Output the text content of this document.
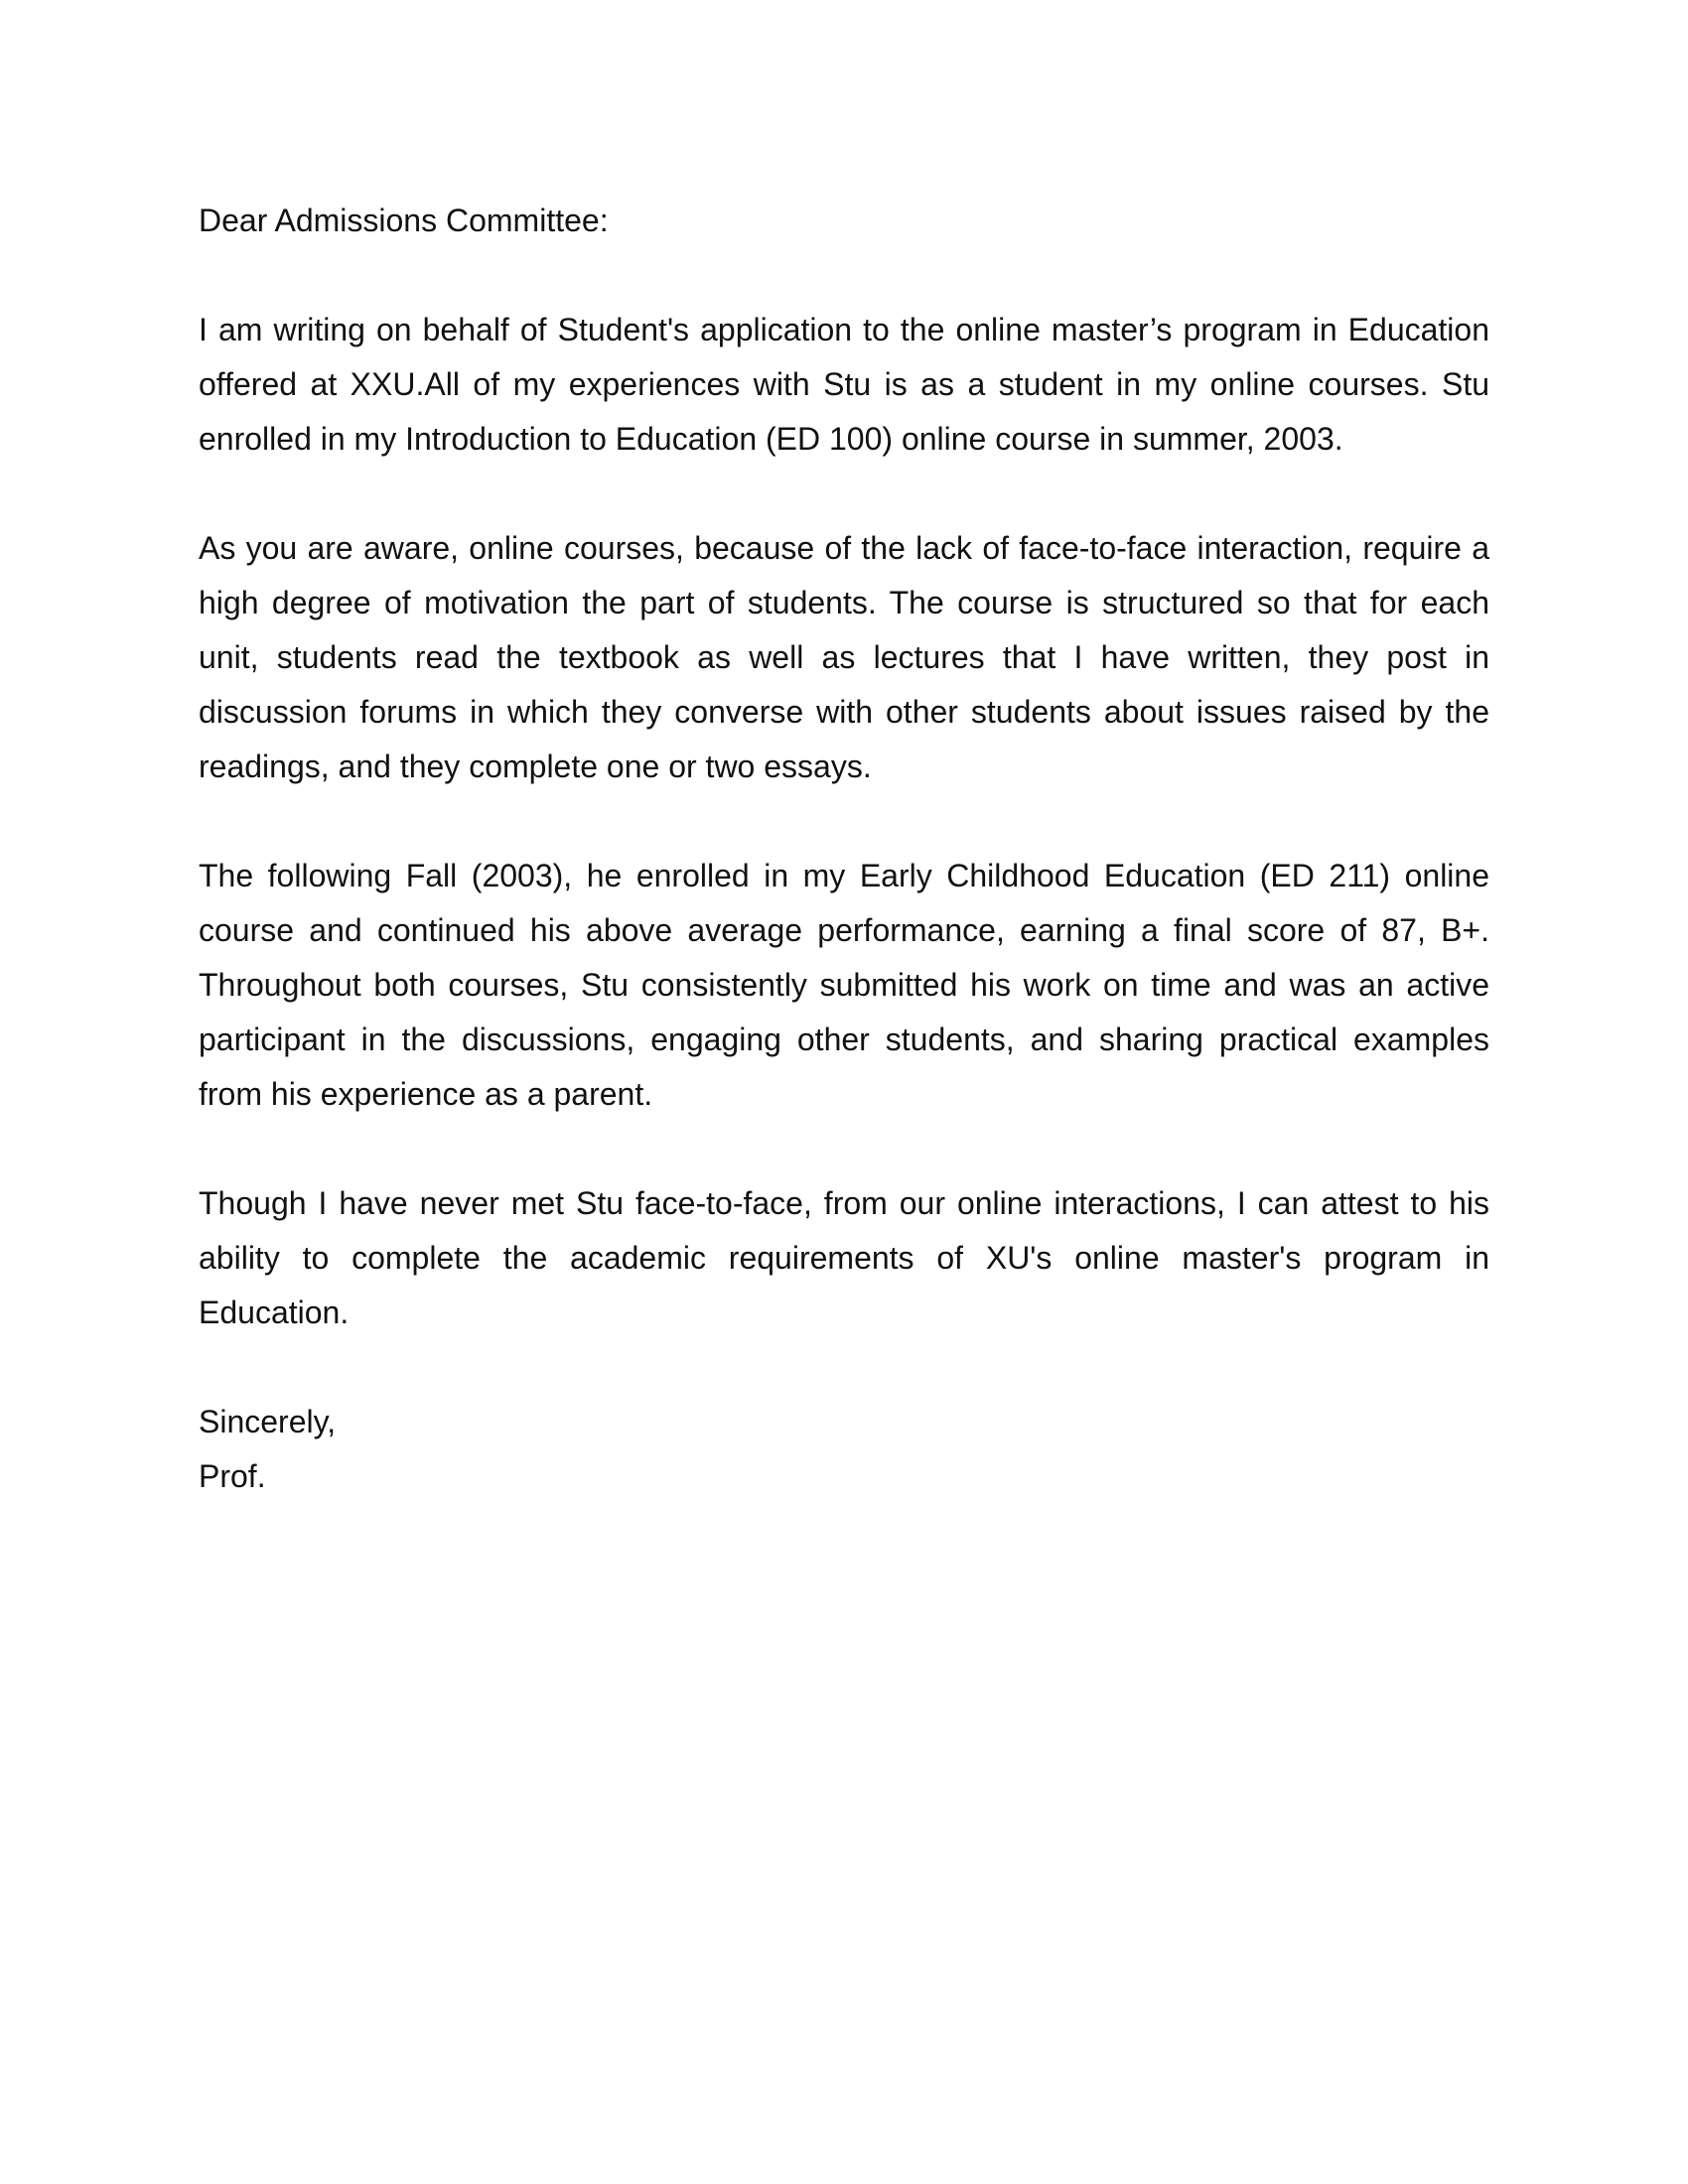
Dear Admissions Committee:

I am writing on behalf of Student's application to the online master’s program in Education offered at XXU.All of my experiences with Stu is as a student in my online courses. Stu enrolled in my Introduction to Education (ED 100) online course in summer, 2003.

As you are aware, online courses, because of the lack of face-to-face interaction, require a high degree of motivation the part of students. The course is structured so that for each unit, students read the textbook as well as lectures that I have written, they post in discussion forums in which they converse with other students about issues raised by the readings, and they complete one or two essays.

The following Fall (2003), he enrolled in my Early Childhood Education (ED 211) online course and continued his above average performance, earning a final score of 87, B+. Throughout both courses, Stu consistently submitted his work on time and was an active participant in the discussions, engaging other students, and sharing practical examples from his experience as a parent.

Though I have never met Stu face-to-face, from our online interactions, I can attest to his ability to complete the academic requirements of XU's online master's program in Education.

Sincerely,

Prof.
